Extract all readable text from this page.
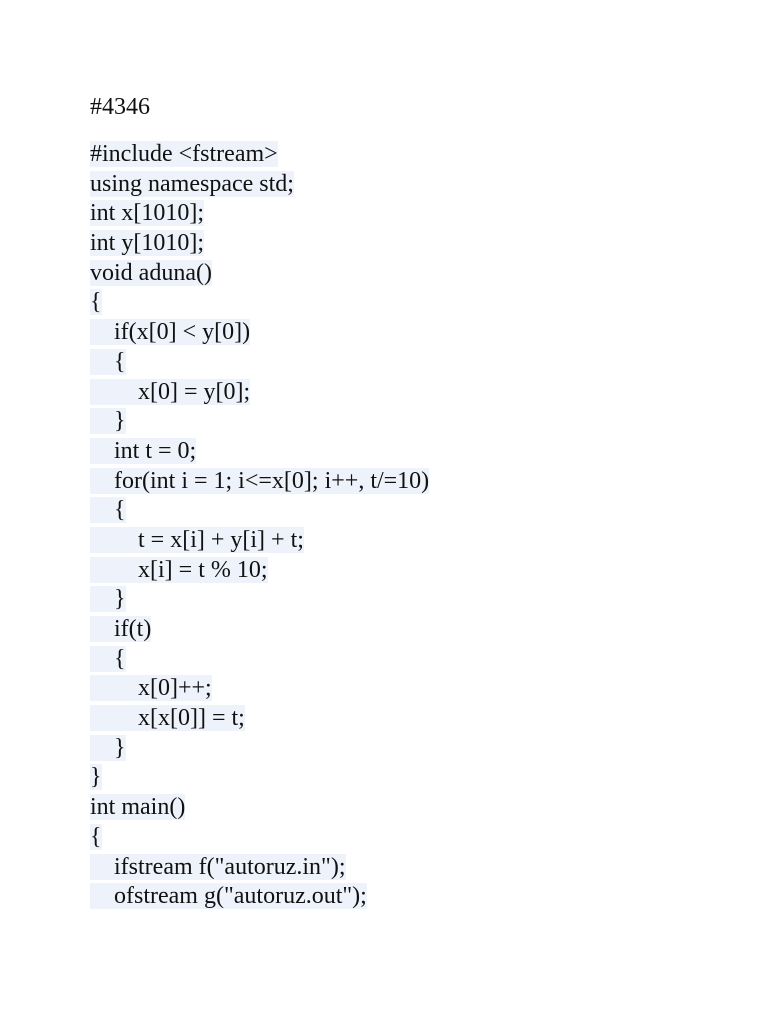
#4346
#include <fstream>
using namespace std;
int x[1010];
int y[1010];
void aduna()
{
if(x[0] < y[0])
{
x[0] = y[0];
}
int t = 0;
for(int i = 1; i<=x[0]; i++, t/=10)
{
t = x[i] + y[i] + t;
x[i] = t % 10;
}
if(t)
{
x[0]++;
x[x[0]] = t;
}
}
int main()
{
ifstream f("autoruz.in");
ofstream g("autoruz.out");
